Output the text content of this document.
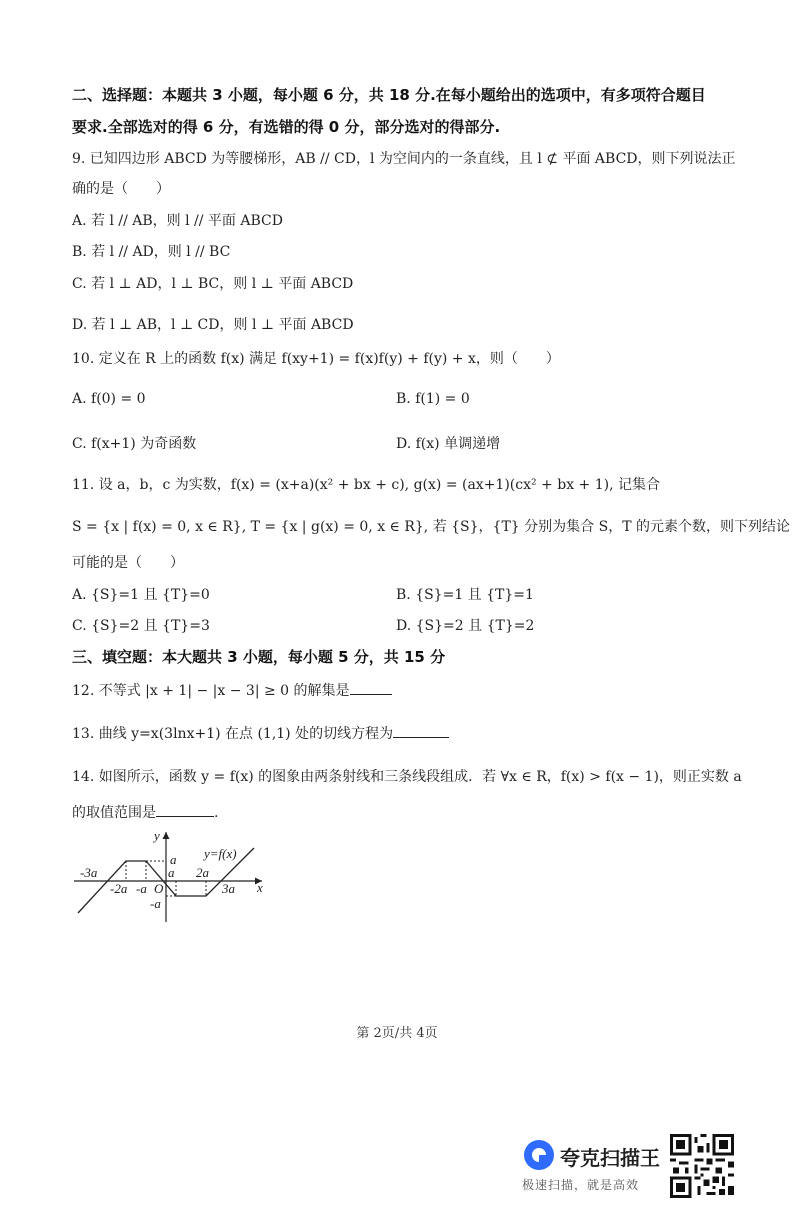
二、选择题：本题共 3 小题，每小题 6 分，共 18 分.在每小题给出的选项中，有多项符合题目
要求.全部选对的得 6 分，有选错的得 0 分，部分选对的得部分.
9. 已知四边形 ABCD 为等腰梯形，AB // CD，l 为空间内的一条直线，且 l ⊄ 平面 ABCD，则下列说法正
确的是（　　）
A. 若 l // AB，则 l // 平面 ABCD
B. 若 l // AD，则 l // BC
C. 若 l ⊥ AD，l ⊥ BC，则 l ⊥ 平面 ABCD
D. 若 l ⊥ AB，l ⊥ CD，则 l ⊥ 平面 ABCD
10. 定义在 R 上的函数 f(x) 满足 f(xy+1) = f(x)f(y) + f(y) + x，则（　　）
A. f(0) = 0	B. f(1) = 0
C. f(x+1) 为奇函数	D. f(x) 单调递增
11. 设 a，b，c 为实数，f(x) = (x+a)(x² + bx + c), g(x) = (ax+1)(cx² + bx + 1), 记集合
S = {x | f(x) = 0, x ∈ R}, T = {x | g(x) = 0, x ∈ R}, 若 {S}，{T} 分别为集合 S，T 的元素个数，则下列结论
可能的是（　　）
A. {S}=1 且 {T}=0	B. {S}=1 且 {T}=1
C. {S}=2 且 {T}=3	D. {S}=2 且 {T}=2
三、填空题：本大题共 3 小题，每小题 5 分，共 15 分
12. 不等式 |x + 1| − |x − 3| ≥ 0 的解集是
13. 曲线 y=x(3lnx+1) 在点 (1,1) 处的切线方程为
14. 如图所示，函数 y = f(x) 的图象由两条射线和三条线段组成．若 ∀x ∈ R，f(x) > f(x − 1)，则正实数 a
的取值范围是	.
y
x
y=f(x)
-3a
-2a -a O
a 2a
3a
a
-a
第 2页/共 4页
夸克扫描王
极速扫描，就是高效
